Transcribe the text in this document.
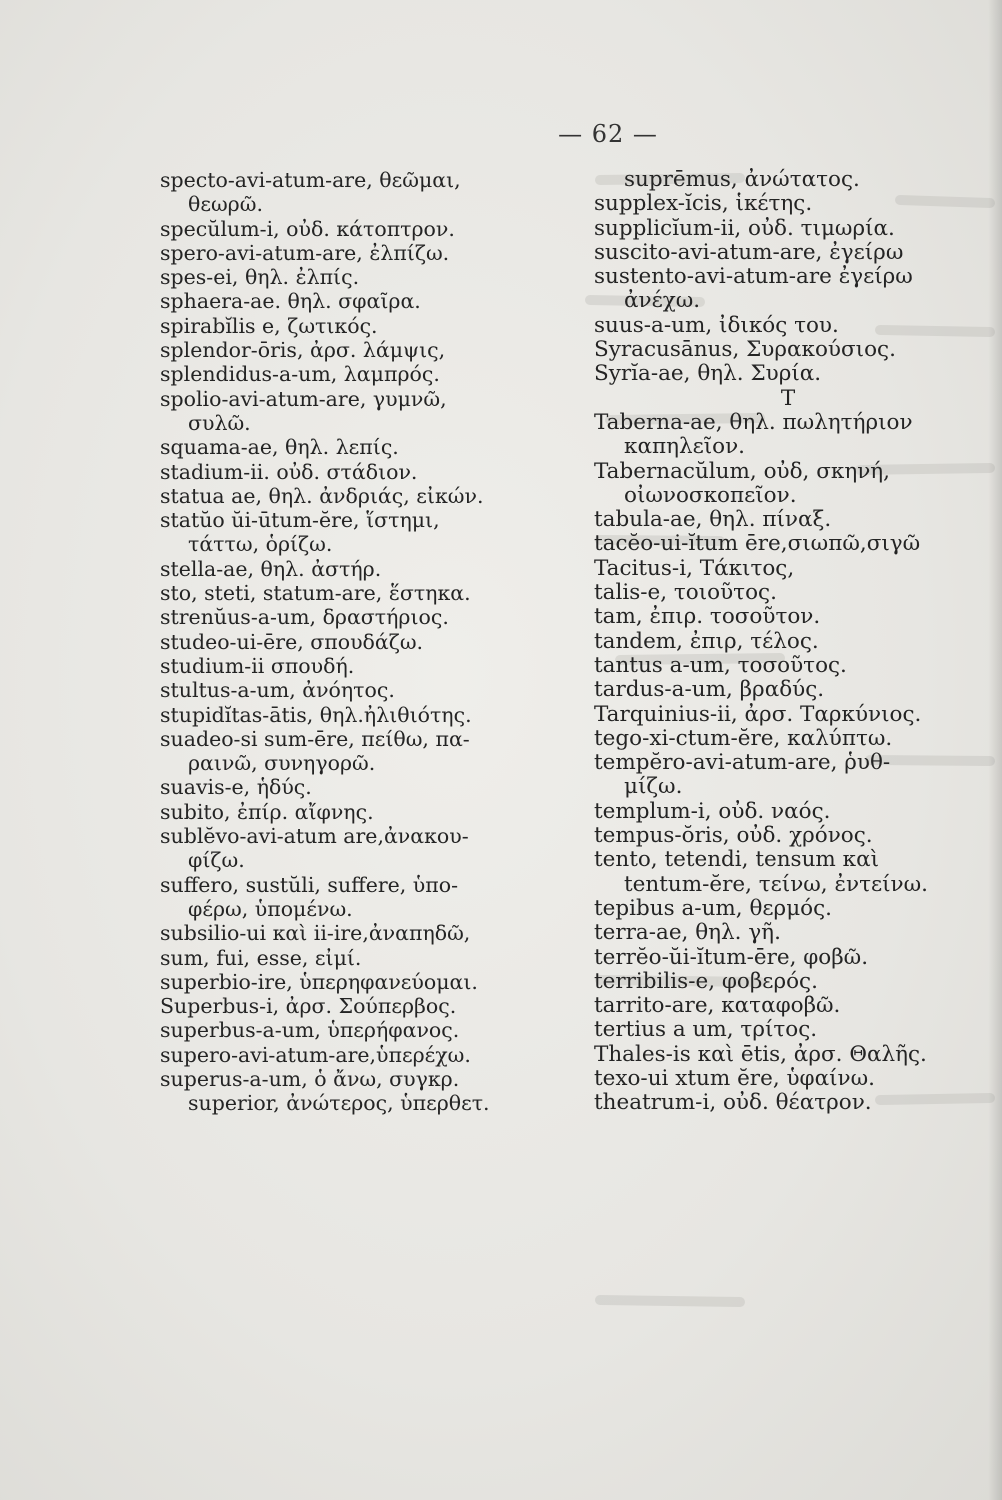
— 62 —
specto-avi-atum-are, θεῶμαι,
θεωρῶ.
specŭlum-i, οὐδ. κάτοπτρον.
spero-avi-atum-are, ἐλπίζω.
spes-ei, θηλ. ἐλπίς.
sphaera-ae. θηλ. σφαῖρα.
spirabĭlis e, ζωτικός.
splendor-ōris, ἀρσ. λάμψις,
splendidus-a-um, λαμπρός.
spolio-avi-atum-are, γυμνῶ,
συλῶ.
squama-ae, θηλ. λεπίς.
stadium-ii. οὐδ. στάδιον.
statua ae, θηλ. ἀνδριάς, εἰκών.
statŭo ŭi-ūtum-ĕre, ἵστημι,
τάττω, ὁρίζω.
stella-ae, θηλ. ἀστήρ.
sto, steti, statum-are, ἕστηκα.
strenŭus-a-um, δραστήριος.
studeo-ui-ēre, σπουδάζω.
studium-ii σπουδή.
stultus-a-um, ἀνόητος.
stupidĭtas-ātis, θηλ.ἠλιθιότης.
suadeo-si sum-ēre, πείθω, πα-
ραινῶ, συνηγορῶ.
suavis-e, ἡδύς.
subito, ἐπίρ. αἴφνης.
sublĕvo-avi-atum are,ἀνακου-
φίζω.
suffero, sustŭli, suffere, ὑπο-
φέρω, ὑπομένω.
subsilio-ui καὶ ii-ire,ἀναπηδῶ,
sum, fui, esse, εἰμί.
superbio-ire, ὑπερηφανεύομαι.
Superbus-i, ἀρσ. Σούπερβος.
superbus-a-um, ὑπερήφανος.
supero-avi-atum-are,ὑπερέχω.
superus-a-um, ὁ ἄνω, συγκρ.
superior, ἀνώτερος, ὑπερθετ.
suprēmus, ἀνώτατος.
supplex-ĭcis, ἱκέτης.
supplicĭum-ii, οὐδ. τιμωρία.
suscito-avi-atum-are, ἐγείρω
sustento-avi-atum-are ἐγείρω
ἀνέχω.
suus-a-um, ἰδικός του.
Syracusānus, Συρακούσιος.
Syrĭa-ae, θηλ. Συρία.
T
Taberna-ae, θηλ. πωλητήριον
καπηλεῖον.
Tabernacŭlum, οὐδ, σκηνή,
οἰωνοσκοπεῖον.
tabula-ae, θηλ. πίναξ.
tacĕo-ui-ĭtum ēre,σιωπῶ,σιγῶ
Tacitus-i, Τάκιτος,
talis-e, τοιοῦτος.
tam, ἐπιρ. τοσοῦτον.
tandem, ἐπιρ, τέλος.
tantus a-um, τοσοῦτος.
tardus-a-um, βραδύς.
Tarquinius-ii, ἀρσ. Ταρκύνιος.
tego-xi-ctum-ĕre, καλύπτω.
tempĕro-avi-atum-are, ῥυθ-
μίζω.
templum-i, οὐδ. ναός.
tempus-ŏris, οὐδ. χρόνος.
tento, tetendi, tensum καὶ
tentum-ĕre, τείνω, ἐντείνω.
tepibus a-um, θερμός.
terra-ae, θηλ. γῆ.
terrĕo-ŭi-ĭtum-ēre, φοβῶ.
terribilis-e, φοβερός.
tarrito-are, καταφοβῶ.
tertius a um, τρίτος.
Thales-is καὶ ētis, ἀρσ. Θαλῆς.
texo-ui xtum ĕre, ὑφαίνω.
theatrum-i, οὐδ. θέατρον.
